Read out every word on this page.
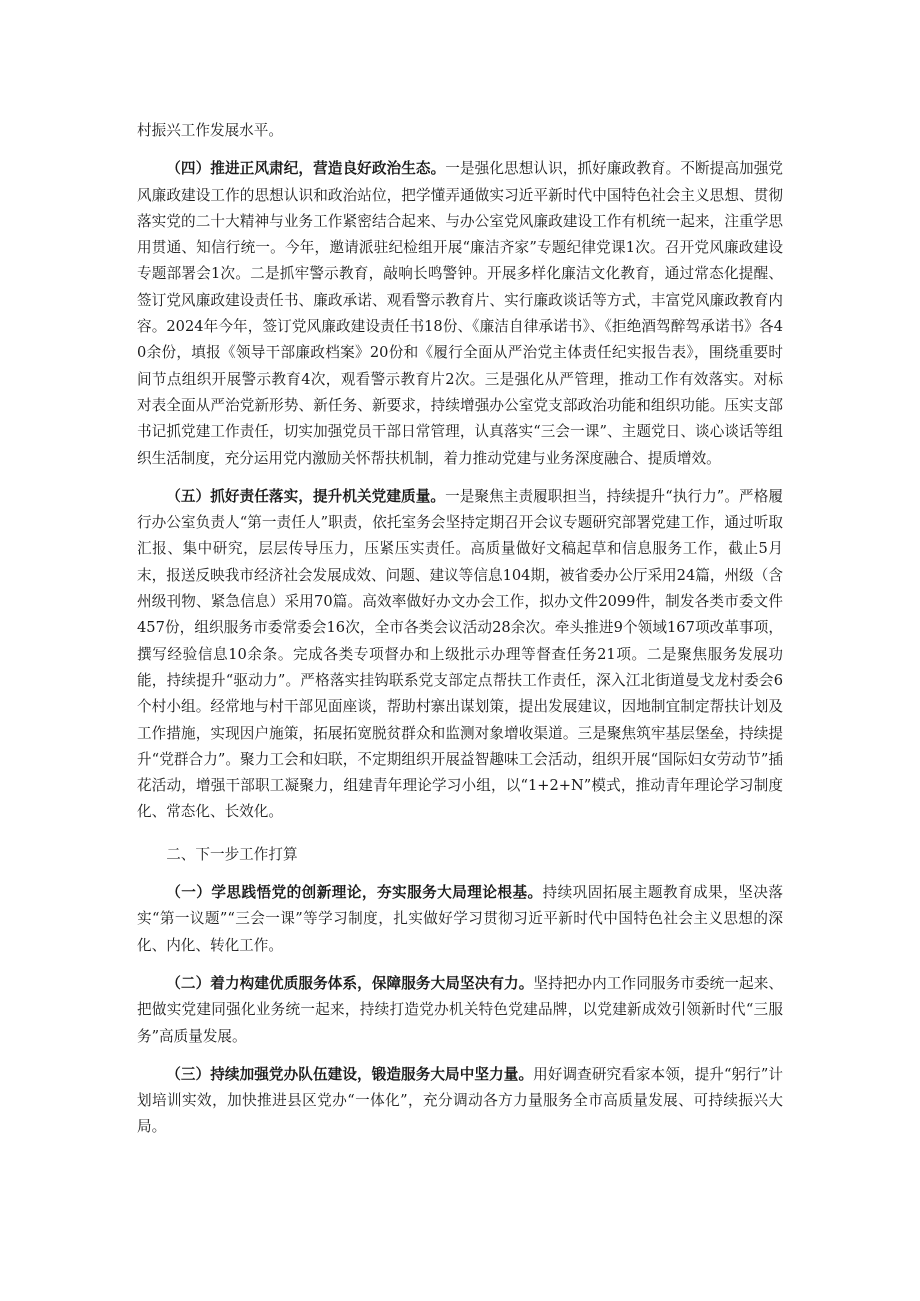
村振兴工作发展水平。

（四）推进正风肃纪，营造良好政治生态。一是强化思想认识，抓好廉政教育。不断提高加强党风廉政建设工作的思想认识和政治站位，把学懂弄通做实习近平新时代中国特色社会主义思想、贯彻落实党的二十大精神与业务工作紧密结合起来、与办公室党风廉政建设工作有机统一起来，注重学思用贯通、知信行统一。今年，邀请派驻纪检组开展“廉洁齐家”专题纪律党课1次。召开党风廉政建设专题部署会1次。二是抓牢警示教育，敲响长鸣警钟。开展多样化廉洁文化教育，通过常态化提醒、签订党风廉政建设责任书、廉政承诺、观看警示教育片、实行廉政谈话等方式，丰富党风廉政教育内容。2024年今年，签订党风廉政建设责任书18份、《廉洁自律承诺书》、《拒绝酒驾醉驾承诺书》各40余份，填报《领导干部廉政档案》20份和《履行全面从严治党主体责任纪实报告表》，围绕重要时间节点组织开展警示教育4次，观看警示教育片2次。三是强化从严管理，推动工作有效落实。对标对表全面从严治党新形势、新任务、新要求，持续增强办公室党支部政治功能和组织功能。压实支部书记抓党建工作责任，切实加强党员干部日常管理，认真落实“三会一课”、主题党日、谈心谈话等组织生活制度，充分运用党内激励关怀帮扶机制，着力推动党建与业务深度融合、提质增效。

（五）抓好责任落实，提升机关党建质量。一是聚焦主责履职担当，持续提升“执行力”。严格履行办公室负责人“第一责任人”职责，依托室务会坚持定期召开会议专题研究部署党建工作，通过听取汇报、集中研究，层层传导压力，压紧压实责任。高质量做好文稿起草和信息服务工作，截止5月末，报送反映我市经济社会发展成效、问题、建议等信息104期，被省委办公厅采用24篇，州级（含州级刊物、紧急信息）采用70篇。高效率做好办文办会工作，拟办文件2099件，制发各类市委文件457份，组织服务市委常委会16次，全市各类会议活动28余次。牵头推进9个领域167项改革事项，撰写经验信息10余条。完成各类专项督办和上级批示办理等督查任务21项。二是聚焦服务发展功能，持续提升“驱动力”。严格落实挂钩联系党支部定点帮扶工作责任，深入江北街道曼戈龙村委会6个村小组。经常地与村干部见面座谈，帮助村寨出谋划策，提出发展建议，因地制宜制定帮扶计划及工作措施，实现因户施策，拓展拓宽脱贫群众和监测对象增收渠道。三是聚焦筑牢基层堡垒，持续提升“党群合力”。聚力工会和妇联，不定期组织开展益智趣味工会活动，组织开展“国际妇女劳动节”插花活动，增强干部职工凝聚力，组建青年理论学习小组，以“1+2+N”模式，推动青年理论学习制度化、常态化、长效化。

二、下一步工作打算

（一）学思践悟党的创新理论，夯实服务大局理论根基。持续巩固拓展主题教育成果，坚决落实“第一议题”“三会一课”等学习制度，扎实做好学习贯彻习近平新时代中国特色社会主义思想的深化、内化、转化工作。

（二）着力构建优质服务体系，保障服务大局坚决有力。坚持把办内工作同服务市委统一起来、把做实党建同强化业务统一起来，持续打造党办机关特色党建品牌，以党建新成效引领新时代“三服务”高质量发展。

（三）持续加强党办队伍建设，锻造服务大局中坚力量。用好调查研究看家本领，提升“躬行”计划培训实效，加快推进县区党办“一体化”，充分调动各方力量服务全市高质量发展、可持续振兴大局。
